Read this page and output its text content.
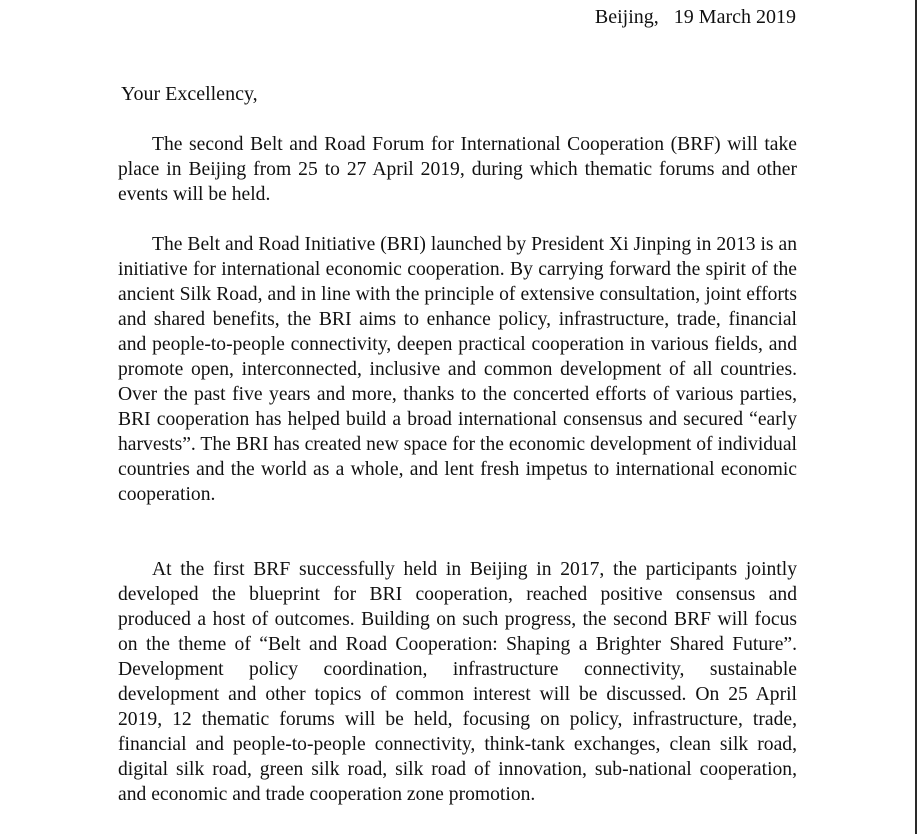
Beijing,   19 March 2019
Your Excellency,

The second Belt and Road Forum for International Cooperation (BRF) will take place in Beijing from 25 to 27 April 2019, during which thematic forums and other events will be held.

The Belt and Road Initiative (BRI) launched by President Xi Jinping in 2013 is an initiative for international economic cooperation. By carrying forward the spirit of the ancient Silk Road, and in line with the principle of extensive consultation, joint efforts and shared benefits, the BRI aims to enhance policy, infrastructure, trade, financial and people-to-people connectivity, deepen practical cooperation in various fields, and promote open, interconnected, inclusive and common development of all countries. Over the past five years and more, thanks to the concerted efforts of various parties, BRI cooperation has helped build a broad international consensus and secured “early harvests”. The BRI has created new space for the economic development of individual countries and the world as a whole, and lent fresh impetus to international economic cooperation.

At the first BRF successfully held in Beijing in 2017, the participants jointly developed the blueprint for BRI cooperation, reached positive consensus and produced a host of outcomes. Building on such progress, the second BRF will focus on the theme of “Belt and Road Cooperation: Shaping a Brighter Shared Future”. Development policy coordination, infrastructure connectivity, sustainable development and other topics of common interest will be discussed. On 25 April 2019, 12 thematic forums will be held, focusing on policy, infrastructure, trade, financial and people-to-people connectivity, think-tank exchanges, clean silk road, digital silk road, green silk road, silk road of innovation, sub-national cooperation, and economic and trade cooperation zone promotion.
